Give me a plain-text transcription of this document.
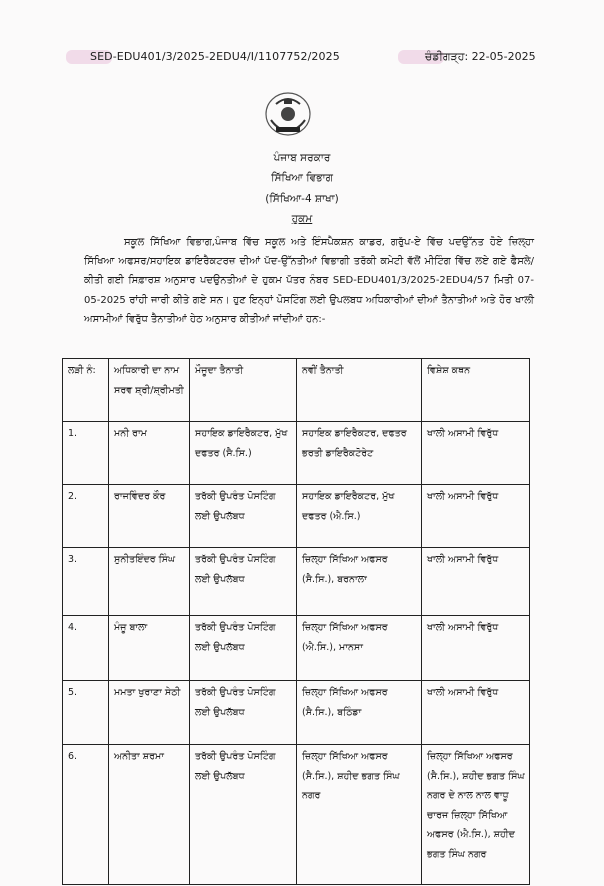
SED-EDU401/3/2025-2EDU4/I/1107752/2025	ਚੰਡੀਗੜ੍ਹ: 22-05-2025
ਪੰਜਾਬ ਸਰਕਾਰ
ਸਿੱਖਿਆ ਵਿਭਾਗ
(ਸਿੱਖਿਆ-4 ਸ਼ਾਖਾ)
ਹੁਕਮ

ਸਕੂਲ ਸਿੱਖਿਆ ਵਿਭਾਗ,ਪੰਜਾਬ ਵਿੱਚ ਸਕੂਲ ਅਤੇ ਇੰਸਪੈਕਸ਼ਨ ਕਾਡਰ, ਗਰੁੱਪ-ਏ ਵਿੱਚ ਪਦਉੱਨਤ ਹੋਏ ਜ਼ਿਲ੍ਹਾ ਸਿੱਖਿਆ ਅਫਸਰ/ਸਹਾਇਕ ਡਾਇਰੈਕਟਰਜ਼ ਦੀਆਂ ਪੱਦ-ਉੱਨਤੀਆਂ ਵਿਭਾਗੀ ਤਰੱਕੀ ਕਮੇਟੀ ਵੱਲੋਂ ਮੀਟਿੰਗ ਵਿੱਚ ਲਏ ਗਏ ਫੈਸਲੇ/ਕੀਤੀ ਗਈ ਸਿਫ਼ਾਰਸ਼ ਅਨੁਸਾਰ ਪਦਉਨਤੀਆਂ ਦੇ ਹੁਕਮ ਪੱਤਰ ਨੰਬਰ SED-EDU401/3/2025-2EDU4/57 ਮਿਤੀ 07-05-2025 ਰਾਂਹੀ ਜਾਰੀ ਕੀਤੇ ਗਏ ਸਨ। ਹੁਣ ਇਨ੍ਹਾਂ ਪੋਸਟਿੰਗ ਲਈ ਉਪਲਬਧ ਅਧਿਕਾਰੀਆਂ ਦੀਆਂ ਤੈਨਾਤੀਆਂ ਅਤੇ ਹੋਰ ਖਾਲੀ ਅਸਾਮੀਆਂ ਵਿਰੁੱਧ ਤੈਨਾਤੀਆਂ ਹੇਠ ਅਨੁਸਾਰ ਕੀਤੀਆਂ ਜਾਂਦੀਆਂ ਹਨ:-

ਲੜੀ ਨੰ:	ਅਧਿਕਾਰੀ ਦਾ ਨਾਮ ਸਰਵ ਸ਼੍ਰੀ/ਸ਼੍ਰੀਮਤੀ	ਮੌਜੂਦਾ ਤੈਨਾਤੀ	ਨਵੀਂ ਤੈਨਾਤੀ	ਵਿਸ਼ੇਸ਼ ਕਥਨ
1.	ਮਨੀ ਰਾਮ	ਸਹਾਇਕ ਡਾਇਰੈਕਟਰ, ਮੁੱਖ ਦਫਤਰ (ਸੈ.ਸਿ.)	ਸਹਾਇਕ ਡਾਇਰੈਕਟਰ, ਦਫਤਰ ਭਰਤੀ ਡਾਇਰੈਕਟੋਰੇਟ	ਖਾਲੀ ਅਸਾਮੀ ਵਿਰੁੱਧ
2.	ਰਾਜਵਿੰਦਰ ਕੌਰ	ਤਰੱਕੀ ਉਪਰੰਤ ਪੋਸਟਿੰਗ ਲਈ ਉਪਲੱਬਧ	ਸਹਾਇਕ ਡਾਇਰੈਕਟਰ, ਮੁੱਖ ਦਫਤਰ (ਐ.ਸਿ.)	ਖਾਲੀ ਅਸਾਮੀ ਵਿਰੁੱਧ
3.	ਸੁਨੀਤਇੰਦਰ ਸਿੰਘ	ਤਰੱਕੀ ਉਪਰੰਤ ਪੋਸਟਿੰਗ ਲਈ ਉਪਲੱਬਧ	ਜ਼ਿਲ੍ਹਾ ਸਿੱਖਿਆ ਅਫਸਰ (ਸੈ.ਸਿ.), ਬਰਨਾਲਾ	ਖਾਲੀ ਅਸਾਮੀ ਵਿਰੁੱਧ
4.	ਮੰਜੂ ਬਾਲਾ	ਤਰੱਕੀ ਉਪਰੰਤ ਪੋਸਟਿੰਗ ਲਈ ਉਪਲੱਬਧ	ਜ਼ਿਲ੍ਹਾ ਸਿੱਖਿਆ ਅਫਸਰ (ਐ.ਸਿ.), ਮਾਨਸਾ	ਖਾਲੀ ਅਸਾਮੀ ਵਿਰੁੱਧ
5.	ਮਮਤਾ ਖੁਰਾਣਾ ਸੇਠੀ	ਤਰੱਕੀ ਉਪਰੰਤ ਪੋਸਟਿੰਗ ਲਈ ਉਪਲੱਬਧ	ਜ਼ਿਲ੍ਹਾ ਸਿੱਖਿਆ ਅਫਸਰ (ਸੈ.ਸਿ.), ਬਠਿੰਡਾ	ਖਾਲੀ ਅਸਾਮੀ ਵਿਰੁੱਧ
6.	ਅਨੀਤਾ ਸ਼ਰਮਾ	ਤਰੱਕੀ ਉਪਰੰਤ ਪੋਸਟਿੰਗ ਲਈ ਉਪਲੱਬਧ	ਜ਼ਿਲ੍ਹਾ ਸਿੱਖਿਆ ਅਫਸਰ (ਸੈ.ਸਿ.), ਸ਼ਹੀਦ ਭਗਤ ਸਿੰਘ ਨਗਰ	ਜ਼ਿਲ੍ਹਾ ਸਿੱਖਿਆ ਅਫਸਰ (ਸੈ.ਸਿ.), ਸ਼ਹੀਦ ਭਗਤ ਸਿੰਘ ਨਗਰ ਦੇ ਨਾਲ ਨਾਲ ਵਾਧੂ ਚਾਰਜ ਜ਼ਿਲ੍ਹਾ ਸਿੱਖਿਆ ਅਫਸਰ (ਐ.ਸਿ.), ਸ਼ਹੀਦ ਭਗਤ ਸਿੰਘ ਨਗਰ
